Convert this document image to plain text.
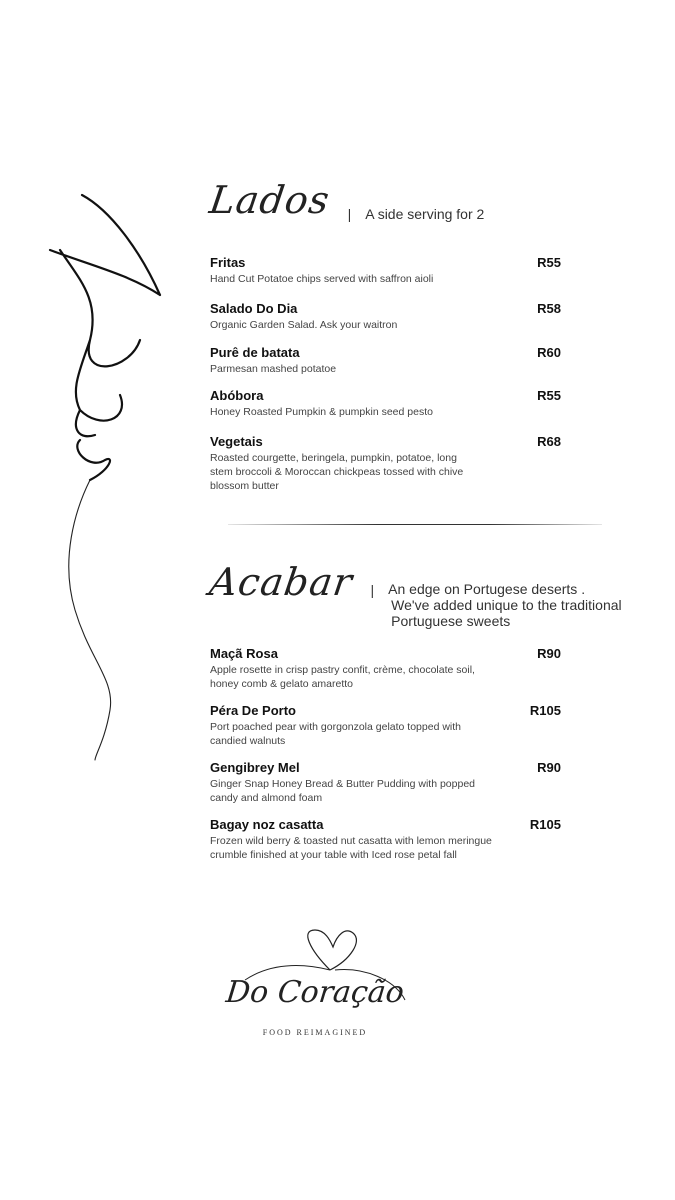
Lados | A side serving for 2
Fritas
Hand Cut Potatoe chips served with saffron aioli
R55
Salado Do Dia
Organic Garden Salad. Ask your waitron
R58
Purê de batata
Parmesan mashed potatoe
R60
Abóbora
Honey Roasted Pumpkin & pumpkin seed pesto
R55
Vegetais
Roasted courgette, beringela, pumpkin, potatoe, long stem broccoli & Moroccan chickpeas tossed with chive blossom butter
R68
Acabar | An edge on Portugese deserts .
We've added unique to the traditional
Portuguese sweets
Maçã Rosa
Apple rosette in crisp pastry confit, crème, chocolate soil, honey comb & gelato amaretto
R90
Péra De Porto
Port poached pear with gorgonzola gelato topped with candied walnuts
R105
Gengibrey Mel
Ginger Snap Honey Bread & Butter Pudding with popped candy and almond foam
R90
Bagay noz casatta
Frozen wild berry & toasted nut casatta with lemon meringue crumble finished at your table with Iced rose petal fall
R105
Do Coração
FOOD REIMAGINED
